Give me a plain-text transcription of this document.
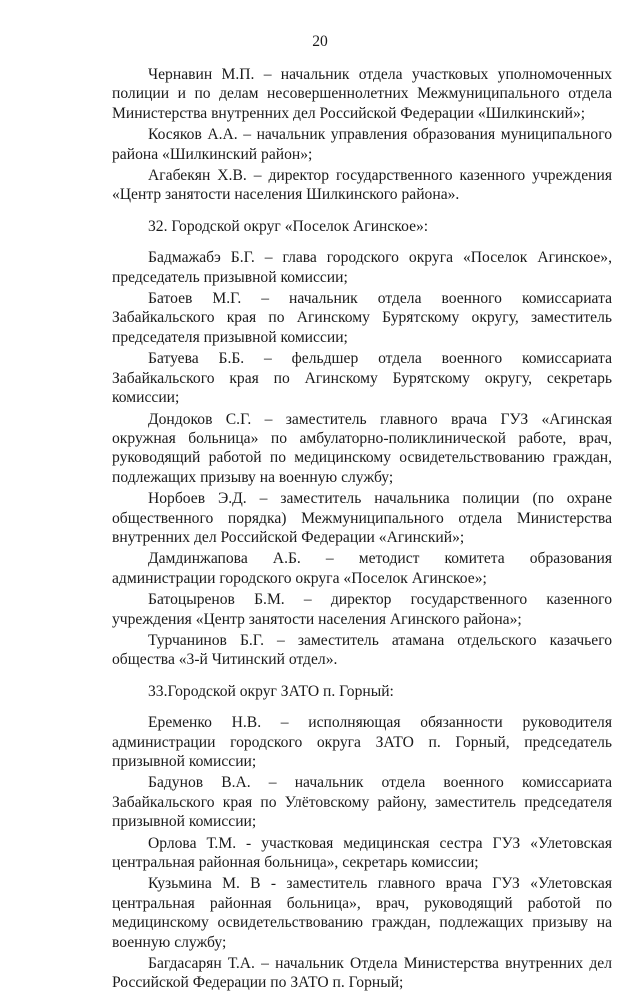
20

Чернавин М.П. – начальник отдела участковых уполномоченных полиции и по делам несовершеннолетних Межмуниципального отдела Министерства внутренних дел Российской Федерации «Шилкинский»;

Косяков А.А. – начальник управления образования муниципального района «Шилкинский район»;

Агабекян Х.В. – директор государственного казенного учреждения «Центр занятости населения Шилкинского района».

32. Городской округ «Поселок Агинское»:

Бадмажабэ Б.Г. – глава городского округа «Поселок Агинское», председатель призывной комиссии;

Батоев М.Г. – начальник отдела военного комиссариата Забайкальского края по Агинскому Бурятскому округу, заместитель председателя призывной комиссии;

Батуева Б.Б. – фельдшер отдела военного комиссариата Забайкальского края по Агинскому Бурятскому округу, секретарь комиссии;

Дондоков С.Г. – заместитель главного врача ГУЗ «Агинская окружная больница» по амбулаторно-поликлинической работе, врач, руководящий работой по медицинскому освидетельствованию граждан, подлежащих призыву на военную службу;

Норбоев Э.Д. – заместитель начальника полиции (по охране общественного порядка) Межмуниципального отдела Министерства внутренних дел Российской Федерации «Агинский»;

Дамдинжапова А.Б. – методист комитета образования администрации городского округа «Поселок Агинское»;

Батоцыренов Б.М. – директор государственного казенного учреждения «Центр занятости населения Агинского района»;

Турчанинов Б.Г. – заместитель атамана отдельского казачьего общества «3-й Читинский отдел».

33.Городской округ ЗАТО п. Горный:

Еременко Н.В. – исполняющая обязанности руководителя администрации городского округа ЗАТО п. Горный, председатель призывной комиссии;

Бадунов В.А. – начальник отдела военного комиссариата Забайкальского края по Улётовскому району, заместитель председателя призывной комиссии;

Орлова Т.М. - участковая медицинская сестра ГУЗ «Улетовская центральная районная больница», секретарь комиссии;

Кузьмина М. В - заместитель главного врача ГУЗ «Улетовская центральная районная больница», врач, руководящий работой по медицинскому освидетельствованию граждан, подлежащих призыву на военную службу;

Багдасарян Т.А. – начальник Отдела Министерства внутренних дел Российской Федерации по ЗАТО п. Горный;
